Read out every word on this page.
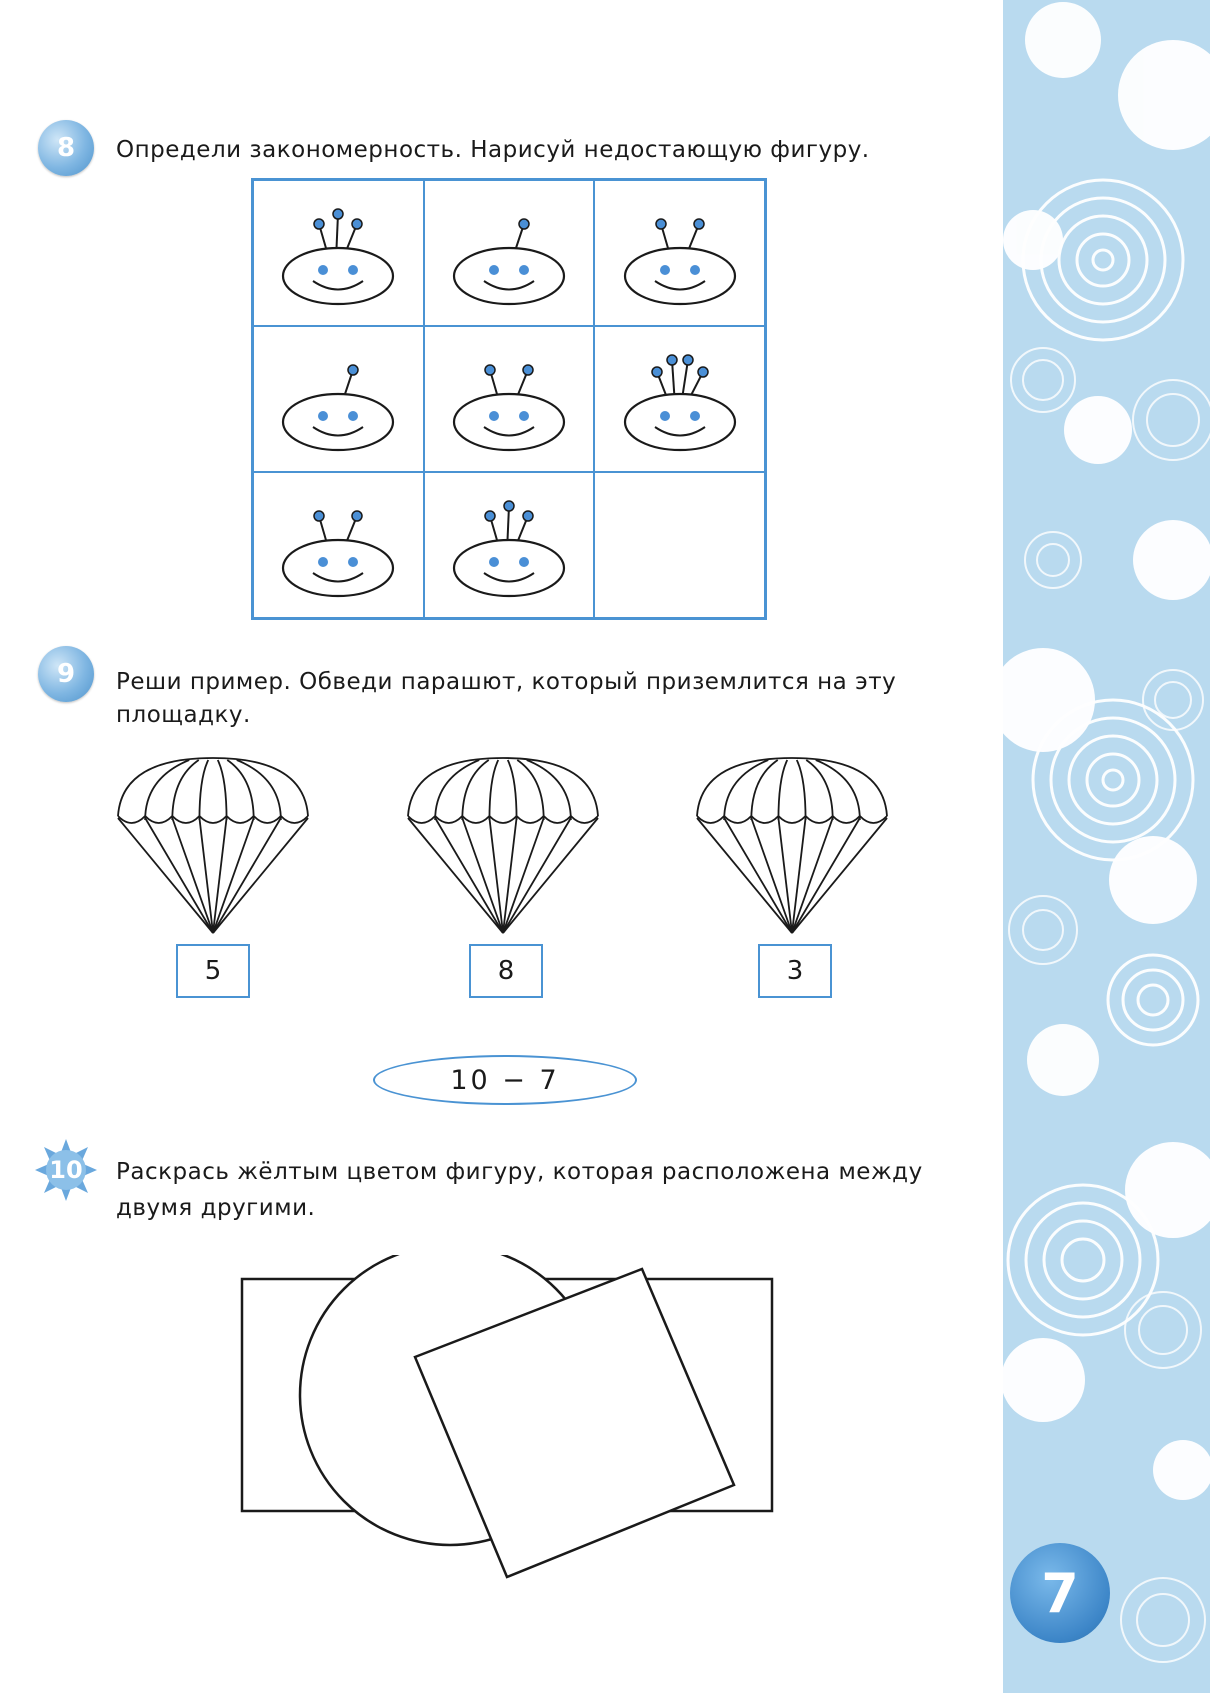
8 Определи закономерность. Нарисуй недостающую фигуру.
9 Реши пример. Обведи парашют, который приземлится на эту
площадку.
5	8	3
10 − 7
10	Раскрась жёлтым цветом фигуру, которая расположена между
двумя другими.
7
